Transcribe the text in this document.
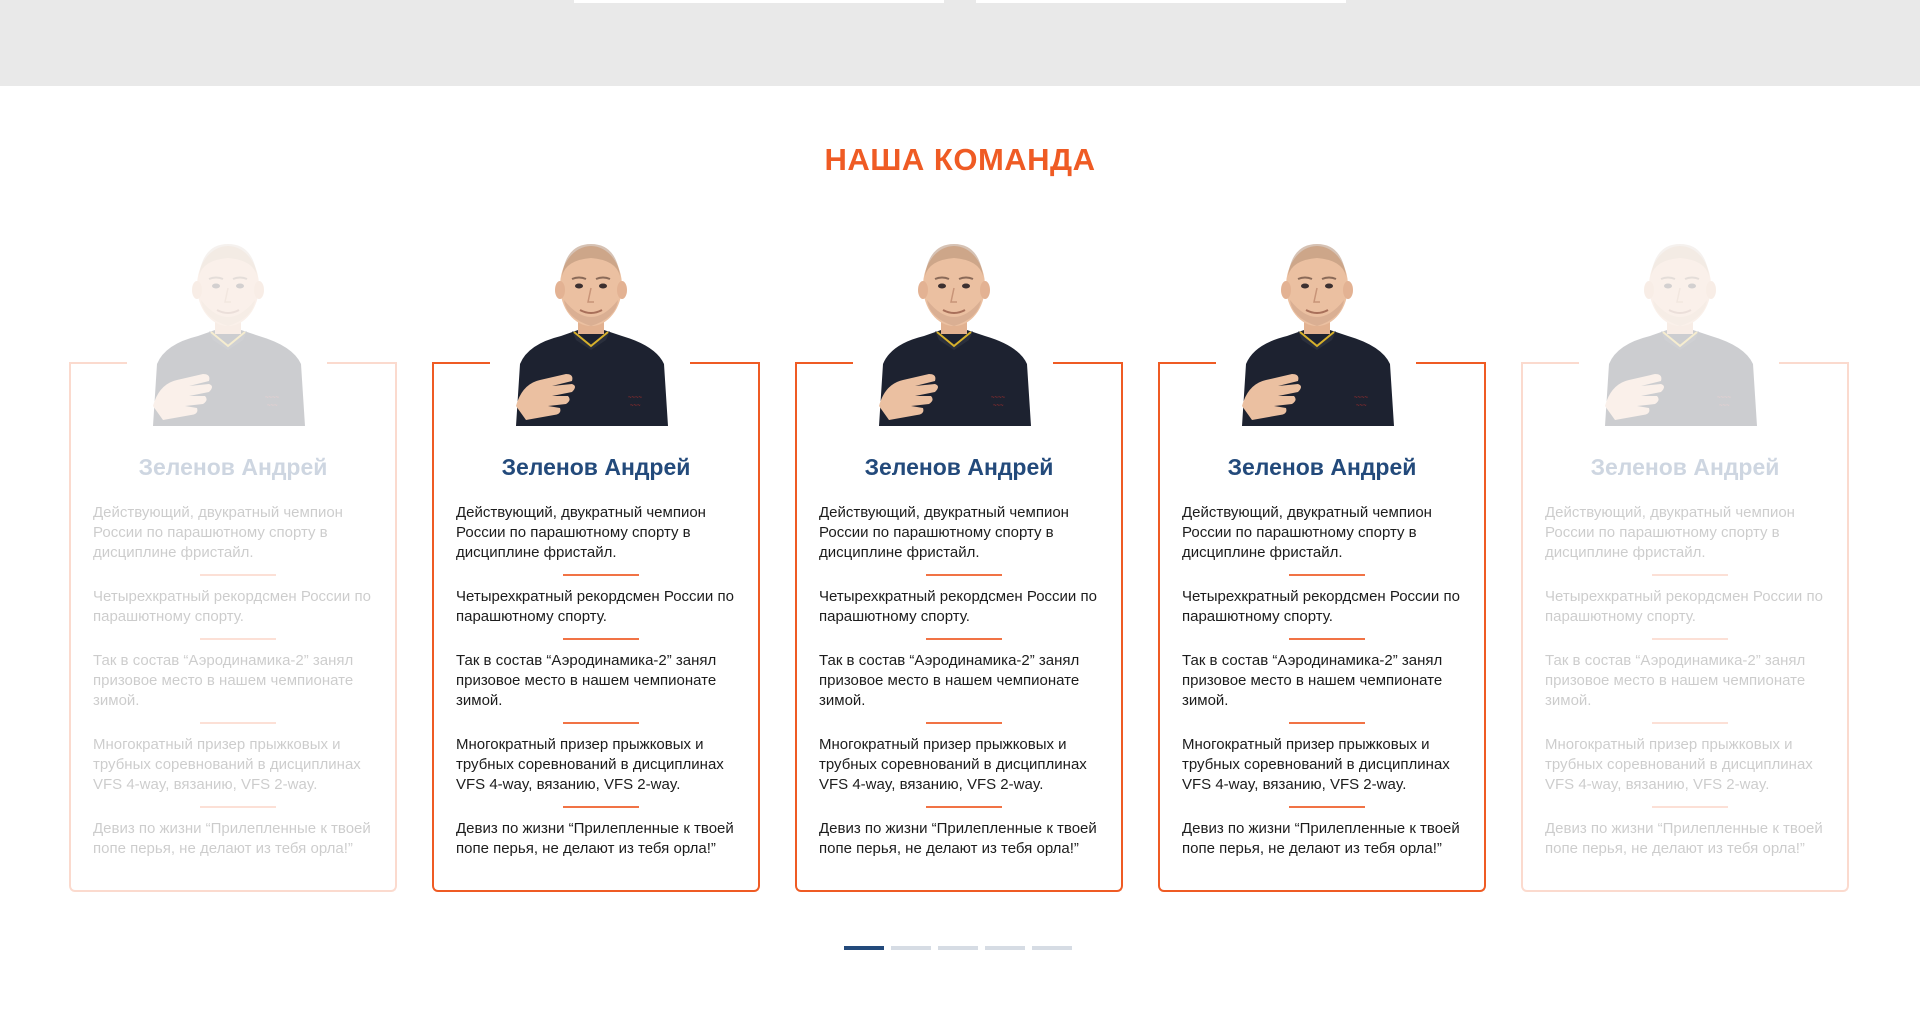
НАША КОМАНДА
~~~~
~~~
Зеленов Андрей

Действующий, двукратный чемпион России по парашютному спорту в дисциплине фристайл.

Четырехкратный рекордсмен России по парашютному спорту.

Так в состав “Аэродинамика-2” занял призовое место в нашем чемпионате зимой.

Многократный призер прыжковых и трубных соревнований в дисциплинах VFS 4-way, вязанию, VFS 2-way.

Девиз по жизни “Прилепленные к твоей попе перья, не делают из тебя орла!”

~~~~
~~~
Зеленов Андрей

Действующий, двукратный чемпион России по парашютному спорту в дисциплине фристайл.

Четырехкратный рекордсмен России по парашютному спорту.

Так в состав “Аэродинамика-2” занял призовое место в нашем чемпионате зимой.

Многократный призер прыжковых и трубных соревнований в дисциплинах VFS 4-way, вязанию, VFS 2-way.

Девиз по жизни “Прилепленные к твоей попе перья, не делают из тебя орла!”

~~~~
~~~
Зеленов Андрей

Действующий, двукратный чемпион России по парашютному спорту в дисциплине фристайл.

Четырехкратный рекордсмен России по парашютному спорту.

Так в состав “Аэродинамика-2” занял призовое место в нашем чемпионате зимой.

Многократный призер прыжковых и трубных соревнований в дисциплинах VFS 4-way, вязанию, VFS 2-way.

Девиз по жизни “Прилепленные к твоей попе перья, не делают из тебя орла!”

~~~~
~~~
Зеленов Андрей

Действующий, двукратный чемпион России по парашютному спорту в дисциплине фристайл.

Четырехкратный рекордсмен России по парашютному спорту.

Так в состав “Аэродинамика-2” занял призовое место в нашем чемпионате зимой.

Многократный призер прыжковых и трубных соревнований в дисциплинах VFS 4-way, вязанию, VFS 2-way.

Девиз по жизни “Прилепленные к твоей попе перья, не делают из тебя орла!”

~~~~
~~~
Зеленов Андрей

Действующий, двукратный чемпион России по парашютному спорту в дисциплине фристайл.

Четырехкратный рекордсмен России по парашютному спорту.

Так в состав “Аэродинамика-2” занял призовое место в нашем чемпионате зимой.

Многократный призер прыжковых и трубных соревнований в дисциплинах VFS 4-way, вязанию, VFS 2-way.

Девиз по жизни “Прилепленные к твоей попе перья, не делают из тебя орла!”
